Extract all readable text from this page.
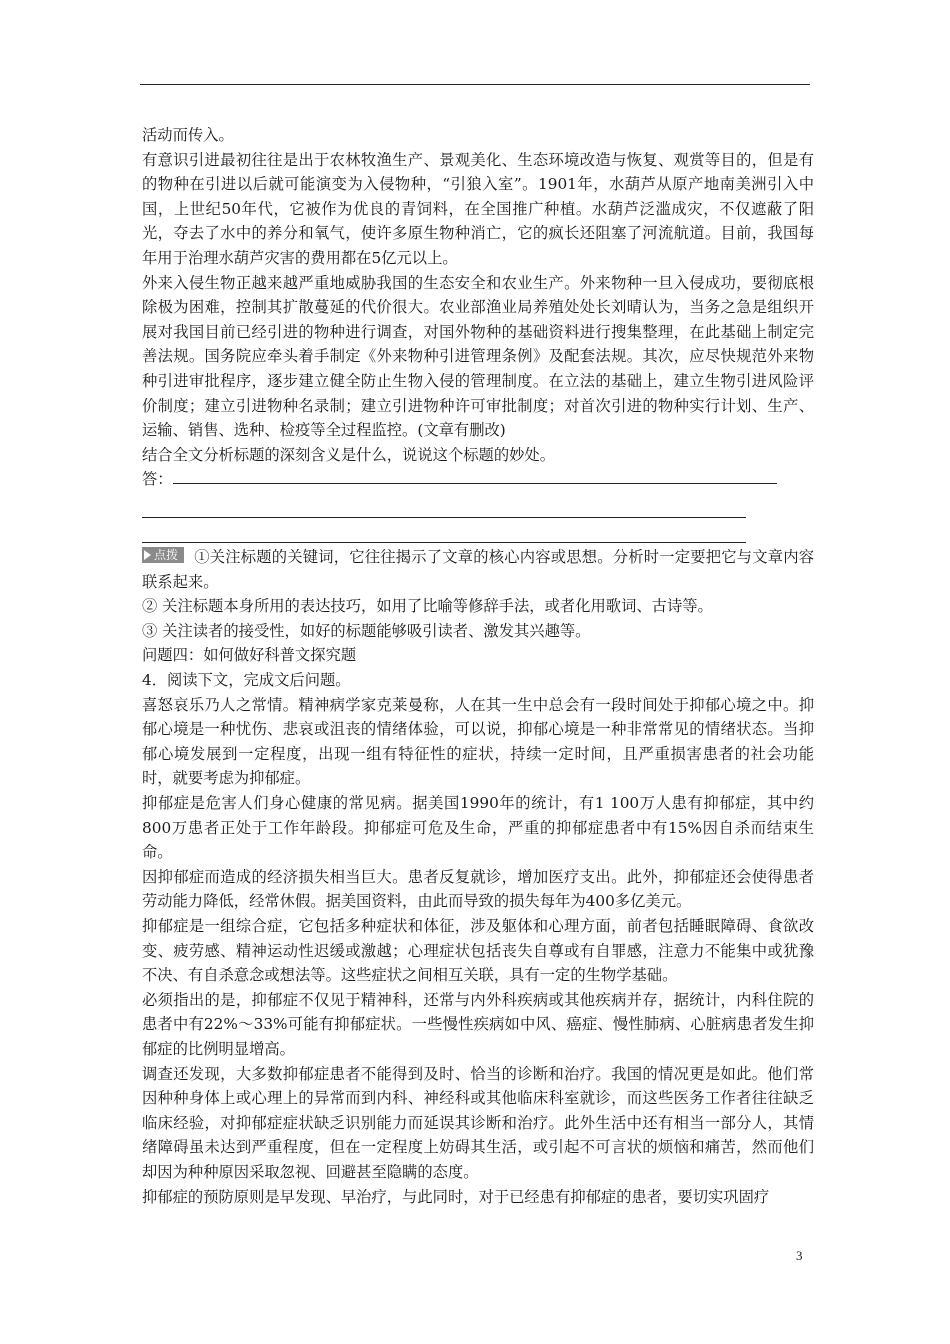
活动而传入。

有意识引进最初往往是出于农林牧渔生产、景观美化、生态环境改造与恢复、观赏等目的，但是有的物种在引进以后就可能演变为入侵物种，“引狼入室”。1901年，水葫芦从原产地南美洲引入中国，上世纪50年代，它被作为优良的青饲料，在全国推广种植。水葫芦泛滥成灾，不仅遮蔽了阳光，夺去了水中的养分和氧气，使许多原生物种消亡，它的疯长还阻塞了河流航道。目前，我国每年用于治理水葫芦灾害的费用都在5亿元以上。

外来入侵生物正越来越严重地威胁我国的生态安全和农业生产。外来物种一旦入侵成功，要彻底根除极为困难，控制其扩散蔓延的代价很大。农业部渔业局养殖处处长刘晴认为，当务之急是组织开展对我国目前已经引进的物种进行调查，对国外物种的基础资料进行搜集整理，在此基础上制定完善法规。国务院应牵头着手制定《外来物种引进管理条例》及配套法规。其次，应尽快规范外来物种引进审批程序，逐步建立健全防止生物入侵的管理制度。在立法的基础上，建立生物引进风险评价制度；建立引进物种名录制；建立引进物种许可审批制度；对首次引进的物种实行计划、生产、运输、销售、选种、检疫等全过程监控。(文章有删改)

结合全文分析标题的深刻含义是什么，说说这个标题的妙处。

答：

点拨 ①关注标题的关键词，它往往揭示了文章的核心内容或思想。分析时一定要把它与文章内容联系起来。

② 关注标题本身所用的表达技巧，如用了比喻等修辞手法，或者化用歌词、古诗等。

③ 关注读者的接受性，如好的标题能够吸引读者、激发其兴趣等。

问题四：如何做好科普文探究题

4．阅读下文，完成文后问题。

喜怒哀乐乃人之常情。精神病学家克莱曼称，人在其一生中总会有一段时间处于抑郁心境之中。抑郁心境是一种忧伤、悲哀或沮丧的情绪体验，可以说，抑郁心境是一种非常常见的情绪状态。当抑郁心境发展到一定程度，出现一组有特征性的症状，持续一定时间，且严重损害患者的社会功能时，就要考虑为抑郁症。

抑郁症是危害人们身心健康的常见病。据美国1990年的统计，有1 100万人患有抑郁症，其中约800万患者正处于工作年龄段。抑郁症可危及生命，严重的抑郁症患者中有15%因自杀而结束生命。

因抑郁症而造成的经济损失相当巨大。患者反复就诊，增加医疗支出。此外，抑郁症还会使得患者劳动能力降低，经常休假。据美国资料，由此而导致的损失每年为400多亿美元。

抑郁症是一组综合症，它包括多种症状和体征，涉及躯体和心理方面，前者包括睡眠障碍、食欲改变、疲劳感、精神运动性迟缓或激越；心理症状包括丧失自尊或有自罪感，注意力不能集中或犹豫不决、有自杀意念或想法等。这些症状之间相互关联，具有一定的生物学基础。

必须指出的是，抑郁症不仅见于精神科，还常与内外科疾病或其他疾病并存，据统计，内科住院的患者中有22%～33%可能有抑郁症状。一些慢性疾病如中风、癌症、慢性肺病、心脏病患者发生抑郁症的比例明显增高。

调查还发现，大多数抑郁症患者不能得到及时、恰当的诊断和治疗。我国的情况更是如此。他们常因种种身体上或心理上的异常而到内科、神经科或其他临床科室就诊，而这些医务工作者往往缺乏临床经验，对抑郁症症状缺乏识别能力而延误其诊断和治疗。此外生活中还有相当一部分人，其情绪障碍虽未达到严重程度，但在一定程度上妨碍其生活，或引起不可言状的烦恼和痛苦，然而他们却因为种种原因采取忽视、回避甚至隐瞒的态度。

抑郁症的预防原则是早发现、早治疗，与此同时，对于已经患有抑郁症的患者，要切实巩固疗

3
